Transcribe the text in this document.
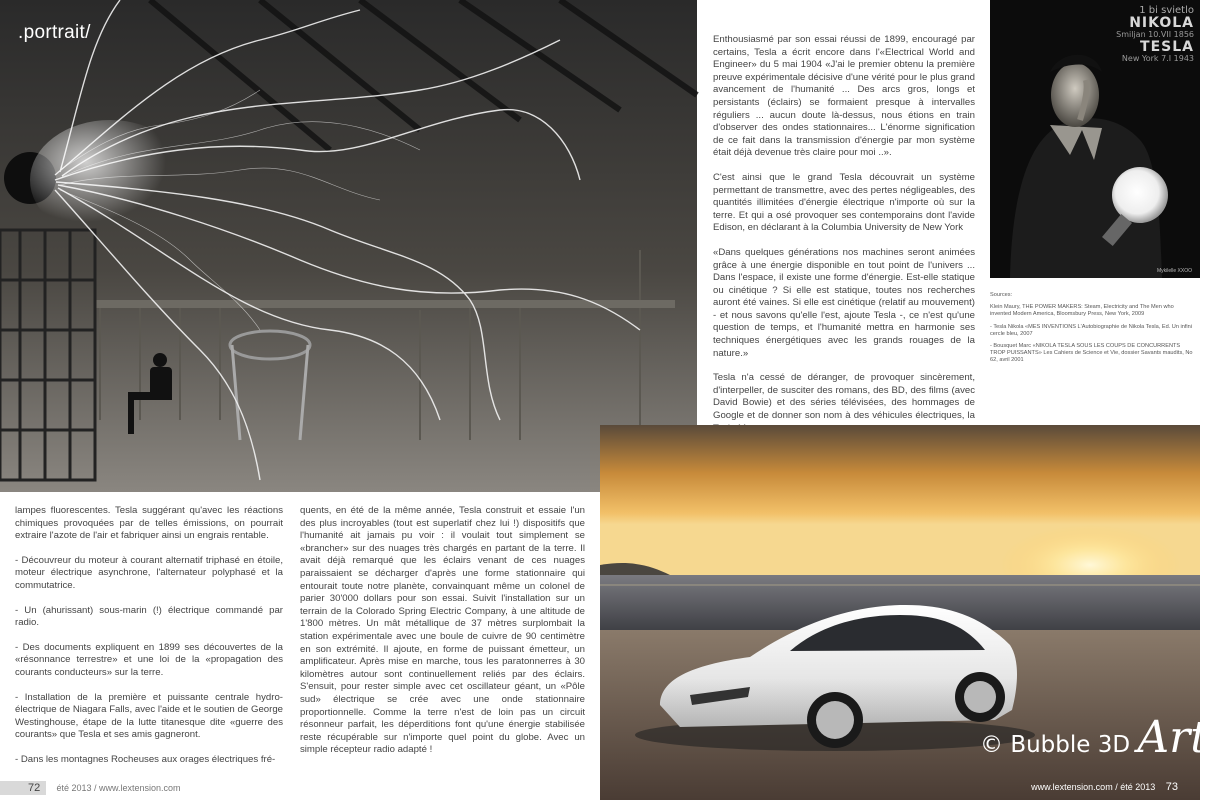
.portrait/	Enthousiasmé par son essai réussi de 1899, encouragé par certains, Tesla a écrit encore dans l'«Electrical World and Engineer» du 5 mai 1904 «J'ai le premier obtenu la première preuve expérimentale décisive d'une vérité pour le plus grand avancement de l'humanité ... Des arcs gros, longs et persistants (éclairs) se formaient presque à intervalles réguliers ... aucun doute là-dessus, nous étions en train d'observer des ondes stationnaires... L'énorme signification de ce fait dans la transmission d'énergie par mon système était déjà devenue très claire pour moi ..».

C'est ainsi que le grand Tesla découvrait un système permettant de transmettre, avec des pertes négligeables, des quantités illimitées d'énergie électrique n'importe où sur la terre. Et qui a osé provoquer ses contemporains dont l'avide Edison, en déclarant à la Columbia University de New York

«Dans quelques générations nos machines seront animées grâce à une énergie disponible en tout point de l'univers ... Dans l'espace, il existe une forme d'énergie. Est-elle statique ou cinétique ? Si elle est statique, toutes nos recherches auront été vaines. Si elle est cinétique (relatif au mouvement) - et nous savons qu'elle l'est, ajoute Tesla -, ce n'est qu'une question de temps, et l'humanité mettra en harmonie ses techniques énergétiques avec les grands rouages de la nature.»

Tesla n'a cessé de déranger, de provoquer sincèrement, d'interpeller, de susciter des romans, des BD, des films (avec David Bowie) et des séries télévisées, des hommages de Google et de donner son nom à des véhicules électriques, la

1 bi svietlo
NIKOLA
Smiljan 10.VII 1856
TESLA
New York 7.I 1943
Mykilelle XXOO

Sources:

Klein Maury, THE POWER MAKERS: Steam, Electricity and The Men who invented Modern America, Bloomsbury Press, New York, 2009

- Tesla Nikola «MES INVENTIONS L'Autobiographie de Nikola Tesla, Ed. Un infini cercle bleu, 2007

- Bousquet Marc «NIKOLA TESLA SOUS LES COUPS DE CONCURRENTS TROP PUISSANTS» Les Cahiers de Science et Vie, dossier Savants maudits, No 62, avril 2001

lampes fluorescentes. Tesla suggérant qu'avec les réactions chimiques provoquées par de telles émissions, on pourrait extraire l'azote de l'air et fabriquer ainsi un engrais rentable.

- Découvreur du moteur à courant alternatif triphasé en étoile, moteur électrique asynchrone, l'alternateur polyphasé et la commutatrice.

- Un (ahurissant) sous-marin (!) électrique commandé par radio.

- Des documents expliquent en 1899 ses découvertes de la «résonnance terrestre» et une loi de la «propagation des courants conducteurs» sur la terre.

- Installation de la première et puissante centrale hydro-électrique de Niagara Falls, avec l'aide et le soutien de George Westinghouse, étape de la lutte titanesque dite «guerre des courants» que Tesla et ses amis gagneront.

- Dans les montagnes Rocheuses aux orages électriques fré-

quents, en été de la même année, Tesla construit et essaie l'un des plus incroyables (tout est superlatif chez lui !) dispositifs que l'humanité ait jamais pu voir : il voulait tout simplement se «brancher» sur des nuages très chargés en partant de la terre. Il avait déjà remarqué que les éclairs venant de ces nuages paraissaient se décharger d'après une forme stationnaire qui entourait toute notre planète, convainquant même un colonel de parier 30'000 dollars pour son essai. Suivit l'installation sur un terrain de la Colorado Spring Electric Company, à une altitude de 1'800 mètres. Un mât métallique de 37 mètres surplombait la station expérimentale avec une boule de cuivre de 90 centimètre en son extrémité. Il ajoute, en forme de puissant émetteur, un amplificateur. Après mise en marche, tous les paratonnerres à 30 kilomètres autour sont continuellement reliés par des éclairs. S'ensuit, pour rester simple avec cet oscillateur géant, un «Pôle sud» électrique se crée avec une onde stationnaire proportionnelle. Comme la terre n'est de loin pas un circuit résonneur parfait, les déperditions font qu'une énergie stabilisée reste récupérable sur n'importe quel point du globe. Avec un simple récepteur radio adapté !	© Bubble 3D Art
72 été 2013 / www.lextension.com	www.lextension.com / été 2013 73
